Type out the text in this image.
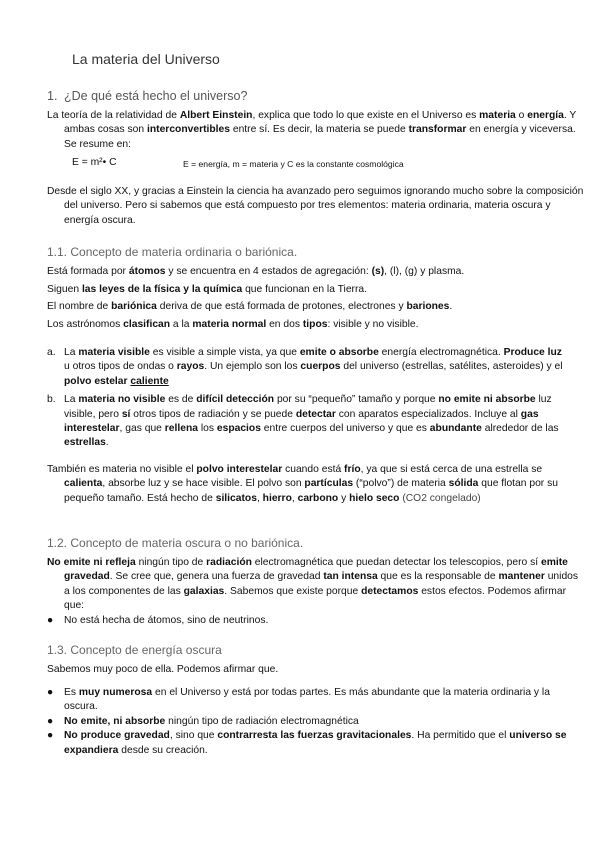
La materia del Universo
1. ¿De qué está hecho el universo?

La teoría de la relatividad de Albert Einstein, explica que todo lo que existe en el Universo es materia o energía. Y ambas cosas son interconvertibles entre sí. Es decir, la materia se puede transformar en energía y viceversa. Se resume en:

E = m²• C	E = energía, m = materia y C es la constante cosmológica

Desde el siglo XX, y gracias a Einstein la ciencia ha avanzado pero seguimos ignorando mucho sobre la composición del universo. Pero si sabemos que está compuesto por tres elementos: materia ordinaria, materia oscura y energía oscura.

1.1. Concepto de materia ordinaria o bariónica.

Está formada por átomos y se encuentra en 4 estados de agregación: (s), (l), (g) y plasma.

Siguen las leyes de la física y la química que funcionan en la Tierra.

El nombre de bariónica deriva de que está formada de protones, electrones y bariones.

Los astrónomos clasifican a la materia normal en dos tipos: visible y no visible.

a. La materia visible es visible a simple vista, ya que emite o absorbe energía electromagnética. Produce luz u otros tipos de ondas o rayos. Un ejemplo son los cuerpos del universo (estrellas, satélites, asteroides) y el polvo estelar caliente
b. La materia no visible es de difícil detección por su “pequeño” tamaño y porque no emite ni absorbe luz visible, pero sí otros tipos de radiación y se puede detectar con aparatos especializados. Incluye al gas interestelar, gas que rellena los espacios entre cuerpos del universo y que es abundante alrededor de las estrellas.

También es materia no visible el polvo interestelar cuando está frío, ya que si está cerca de una estrella se calienta, absorbe luz y se hace visible. El polvo son partículas (“polvo”) de materia sólida que flotan por su pequeño tamaño. Está hecho de silicatos, hierro, carbono y hielo seco (CO2 congelado)

1.2. Concepto de materia oscura o no bariónica.

No emite ni refleja ningún tipo de radiación electromagnética que puedan detectar los telescopios, pero sí emite gravedad. Se cree que, genera una fuerza de gravedad tan intensa que es la responsable de mantener unidos a los componentes de las galaxias. Sabemos que existe porque detectamos estos efectos. Podemos afirmar que:

● No está hecha de átomos, sino de neutrinos.
1.3. Concepto de energía oscura

Sabemos muy poco de ella. Podemos afirmar que.

● Es muy numerosa en el Universo y está por todas partes. Es más abundante que la materia ordinaria y la oscura.
● No emite, ni absorbe ningún tipo de radiación electromagnética
● No produce gravedad, sino que contrarresta las fuerzas gravitacionales. Ha permitido que el universo se expandiera desde su creación.
